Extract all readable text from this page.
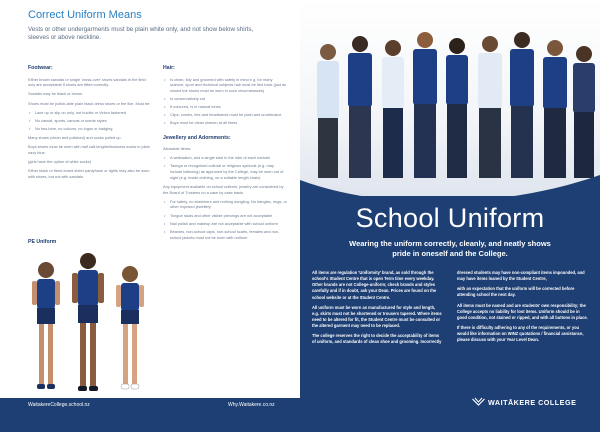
Correct Uniform Means
Vests or other undergarments must be plain white only, and not show below shirts, sleeves or above neckline.
Footwear:
Either brown sandals or single 'cross-over' shoes sandals in the field only are acceptable if shoes are fitted correctly.
Sandals may be black or brown.
Shoes must be polish-able plain black dress shoes or the like. Must be:
• Lace up or slip on only, not buckle or Velcro fastened
• No casual, sports, canvas or suede styles
• No two-tone, no colours, no logos or badging
Many shoes (clean and polished) and socks pulled up.
Boys shoes must be worn with half calf-lengths/business socks in plain navy blue.
(girls have the option of white socks)
Either black or flesh-toned sheer pantyhose or tights may also be worn with shoes, but not with sandals.
Hair:
• Is clean, tidy and groomed with safety in mind e.g. for many science, sport and technical subjects hair must be tied back (just as closed toe shoes must be worn in such circumstances)
• Is conservatively cut
• If coloured, is in natural tones
• Clips, combs, ties and headbands must be plain and unobtrusive
• Boys must be clean shaven at all times
Jewellery and Adornments:
Allowable items:
• A wristwatch, and a single stud in the lobe of each earlobe
• Taonga or recognised cultural or religious symbols (e.g. may include tattooing) as approved by the College, may be worn out of sight (e.g. inside clothing, on a suitable length chain)
Any equipment available on school uniform, jewelry are considered by the Board of Trustees on a case by case basis.
• For safety, no stretchers and nothing dangling. No bangles, rings, or other exposed jewellery
• Tongue studs and other visible piercings are not acceptable
• Nail polish and makeup are not acceptable with school uniform
• Beanies, non-school caps, non-school scarfs, females and non-school jackets must not be worn with uniform
PE Uniform
WaitakereCollege.school.nz	Why.Waitakere.co.nz
School Uniform
Wearing the uniform correctly, cleanly, and neatly shows pride in oneself and the College.
All items are regulation 'Uniformity' brand, as sold through the school's Student Centre that is open Term time every weekday. Other brands are not College-uniform; check brands and styles carefully and if in doubt, ask your Dean. Prices are found on the school website or at the Student Centre.
All uniform must be worn as manufactured for style and length, e.g. skirts must not be shortened or trousers tapered. Where items need to be altered for fit, the Student Centre must be consulted or the altered garment may need to be replaced.
The college reserves the right to decide the acceptability of items of uniform, and standards of clean shoe and grooming. Incorrectly
dressed students may have non-compliant items impounded, and may have items loaned by the Student Centre,
with an expectation that the uniform will be corrected before attending school the next day.
All items must be named and are students' own responsibility; the College accepts no liability for lost items. Uniform should be in good condition, not stained or ripped, and with all buttons in place.
If there is difficulty adhering to any of the requirements, or you would like information on WINZ quotations / financial assistance, please discuss with your Year Level Dean.
WAITĀKERE COLLEGE
